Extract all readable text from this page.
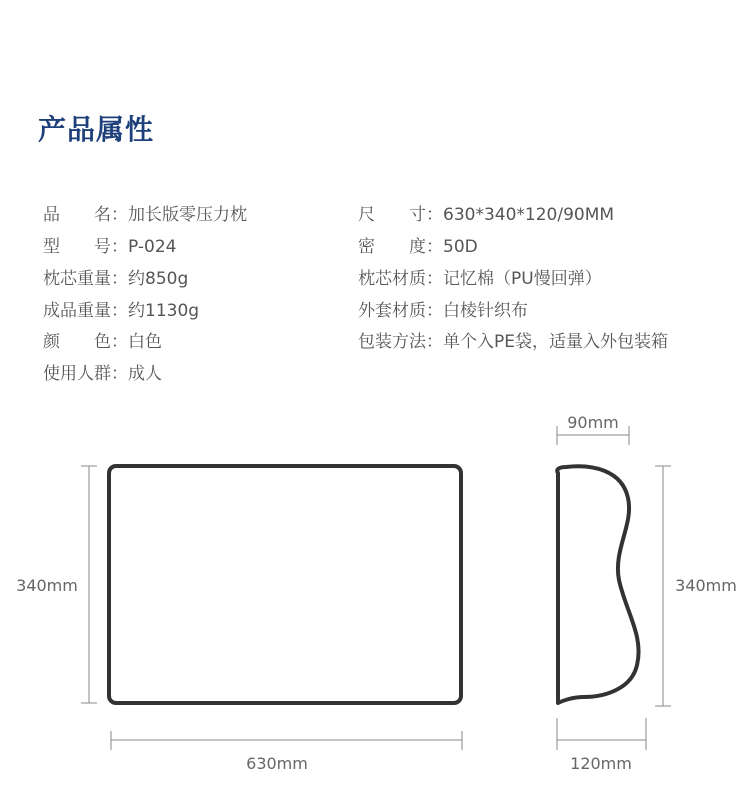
产品属性
品　　名：加长版零压力枕
型　　号：P-024
枕芯重量：约850g
成品重量：约1130g
颜　　色：白色
使用人群：成人
尺　　寸：630*340*120/90MM
密　　度：50D
枕芯材质：记忆棉（PU慢回弹）
外套材质：白棱针织布
包装方法：单个入PE袋，适量入外包装箱
340mm
630mm
90mm
340mm
120mm
